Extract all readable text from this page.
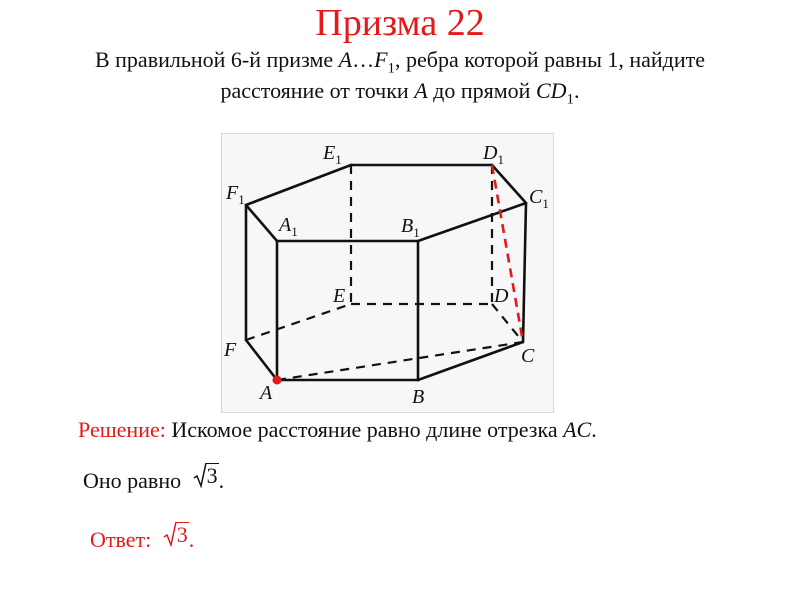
Призма 22
В правильной 6-й призме $A\dots F_1$, ребра которой равны 1, найдите
расстояние от точки A до прямой $CD_1$.
$E_1$	$D_1$
$F_1$	$C_1$
$A_1$	$B_1$
E	D
F	C
A	B
Решение: Искомое расстояние равно длине отрезка AC.
Оно равно 3 .
Ответ: 3 .
